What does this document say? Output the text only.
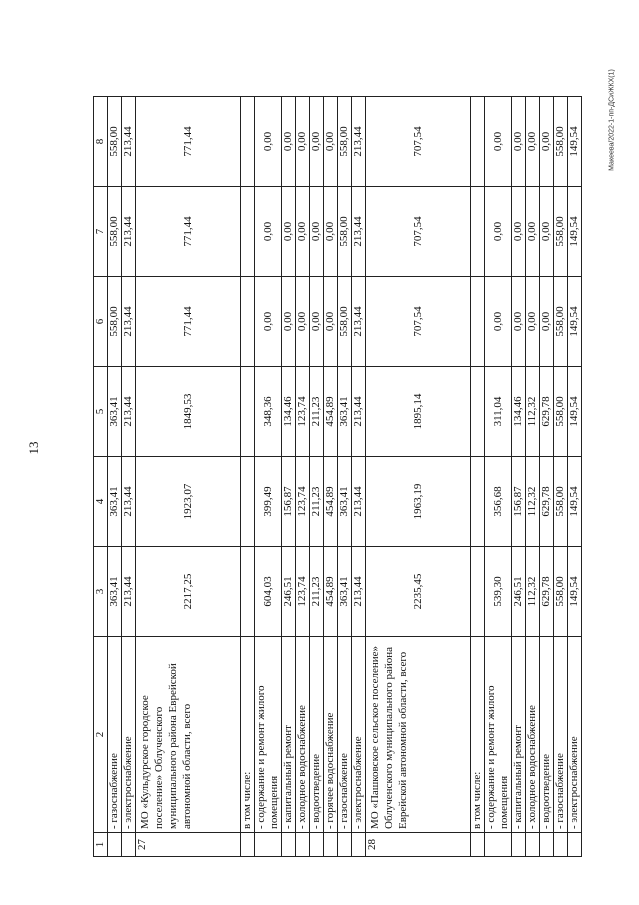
13
Макеева/2022-1-пп-ДСиЖКХ(1)
1	2	3	4	5	6	7	8
	- газоснабжение	363,41	363,41	363,41	558,00	558,00	558,00
	- электроснабжение	213,44	213,44	213,44	213,44	213,44	213,44
27	МО «Кульдурское городское поселение» Облученского муниципального района Еврейской автономной области, всего	2217,25	1923,07	1849,53	771,44	771,44	771,44
	в том числе:						
	- содержание и ремонт жилого помещения	604,03	399,49	348,36	0,00	0,00	0,00
	- капитальный ремонт	246,51	156,87	134,46	0,00	0,00	0,00
	- холодное водоснабжение	123,74	123,74	123,74	0,00	0,00	0,00
	- водоотведение	211,23	211,23	211,23	0,00	0,00	0,00
	- горячее водоснабжение	454,89	454,89	454,89	0,00	0,00	0,00
	- газоснабжение	363,41	363,41	363,41	558,00	558,00	558,00
	- электроснабжение	213,44	213,44	213,44	213,44	213,44	213,44
28	МО «Пашковское сельское поселение» Облученского муниципального района Еврейской автономной области, всего	2235,45	1963,19	1895,14	707,54	707,54	707,54
	в том числе:						
	- содержание и ремонт жилого помещения	539,30	356,68	311,04	0,00	0,00	0,00
	- капитальный ремонт	246,51	156,87	134,46	0,00	0,00	0,00
	- холодное водоснабжение	112,32	112,32	112,32	0,00	0,00	0,00
	- водоотведение	629,78	629,78	629,78	0,00	0,00	0,00
	- газоснабжение	558,00	558,00	558,00	558,00	558,00	558,00
	- электроснабжение	149,54	149,54	149,54	149,54	149,54	149,54
